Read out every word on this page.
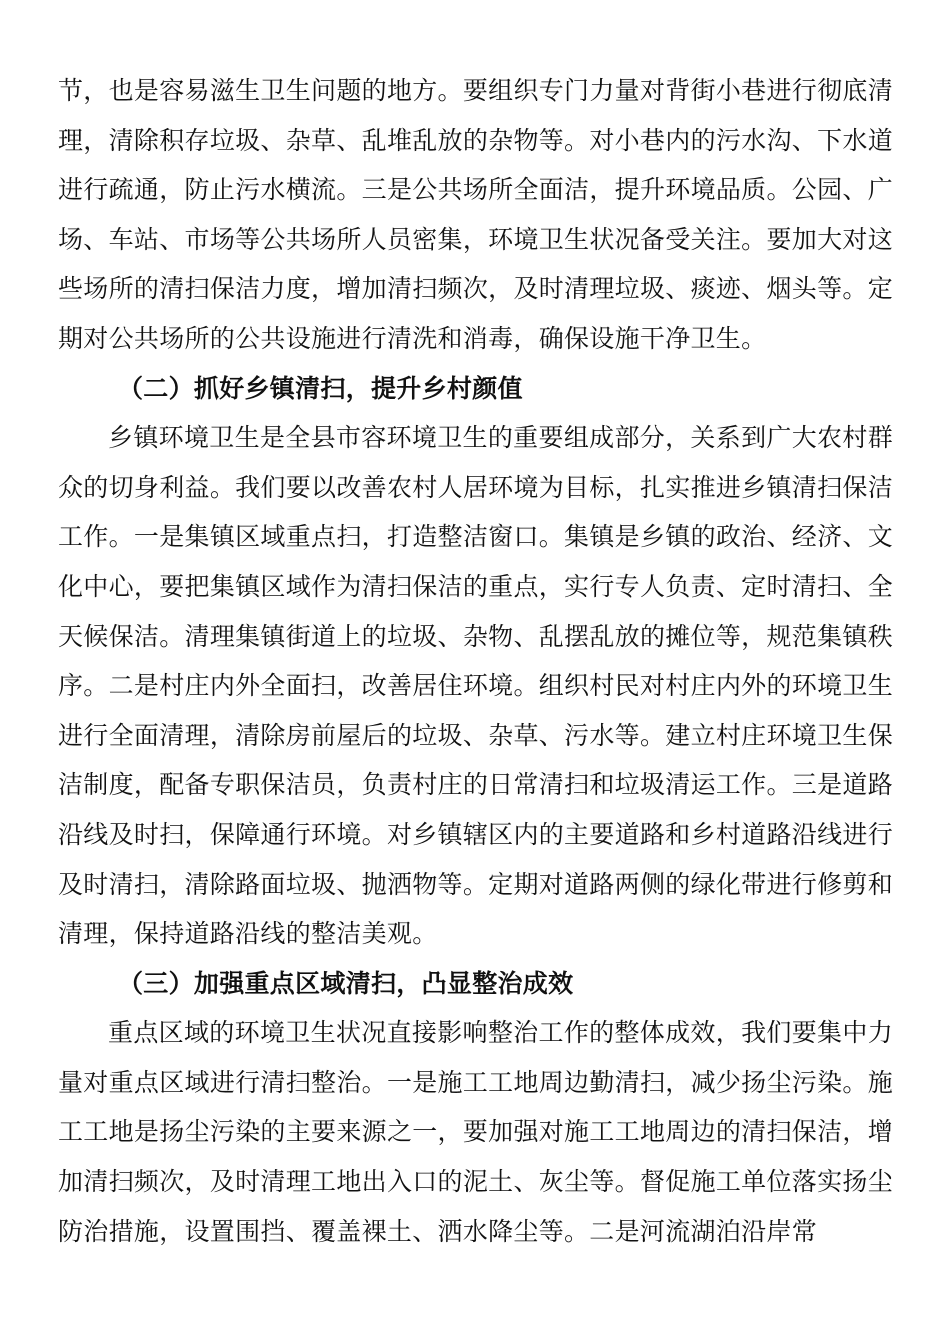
节，也是容易滋生卫生问题的地方。要组织专门力量对背街小巷进行彻底清理，清除积存垃圾、杂草、乱堆乱放的杂物等。对小巷内的污水沟、下水道进行疏通，防止污水横流。三是公共场所全面洁，提升环境品质。公园、广场、车站、市场等公共场所人员密集，环境卫生状况备受关注。要加大对这些场所的清扫保洁力度，增加清扫频次，及时清理垃圾、痰迹、烟头等。定期对公共场所的公共设施进行清洗和消毒，确保设施干净卫生。

（二）抓好乡镇清扫，提升乡村颜值

乡镇环境卫生是全县市容环境卫生的重要组成部分，关系到广大农村群众的切身利益。我们要以改善农村人居环境为目标，扎实推进乡镇清扫保洁工作。一是集镇区域重点扫，打造整洁窗口。集镇是乡镇的政治、经济、文化中心，要把集镇区域作为清扫保洁的重点，实行专人负责、定时清扫、全天候保洁。清理集镇街道上的垃圾、杂物、乱摆乱放的摊位等，规范集镇秩序。二是村庄内外全面扫，改善居住环境。组织村民对村庄内外的环境卫生进行全面清理，清除房前屋后的垃圾、杂草、污水等。建立村庄环境卫生保洁制度，配备专职保洁员，负责村庄的日常清扫和垃圾清运工作。三是道路沿线及时扫，保障通行环境。对乡镇辖区内的主要道路和乡村道路沿线进行及时清扫，清除路面垃圾、抛洒物等。定期对道路两侧的绿化带进行修剪和清理，保持道路沿线的整洁美观。

（三）加强重点区域清扫，凸显整治成效

重点区域的环境卫生状况直接影响整治工作的整体成效，我们要集中力量对重点区域进行清扫整治。一是施工工地周边勤清扫，减少扬尘污染。施工工地是扬尘污染的主要来源之一，要加强对施工工地周边的清扫保洁，增加清扫频次，及时清理工地出入口的泥土、灰尘等。督促施工单位落实扬尘防治措施，设置围挡、覆盖裸土、洒水降尘等。二是河流湖泊沿岸常
